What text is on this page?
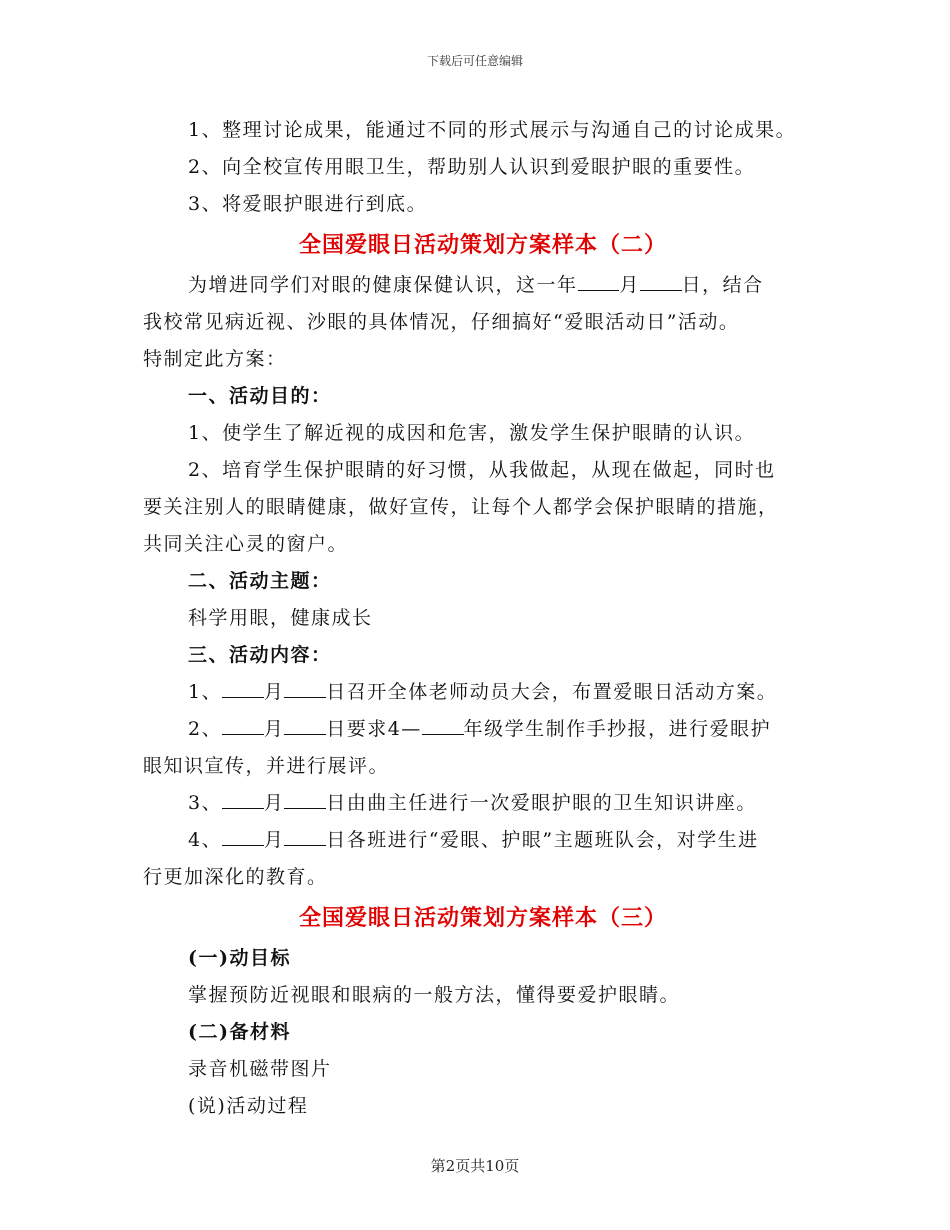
下载后可任意编辑
1、整理讨论成果，能通过不同的形式展示与沟通自己的讨论成果。
2、向全校宣传用眼卫生，帮助别人认识到爱眼护眼的重要性。
3、将爱眼护眼进行到底。
全国爱眼日活动策划方案样本（二）
为增进同学们对眼的健康保健认识，这一年 月 日，结合
我校常见病近视、沙眼的具体情况，仔细搞好“爱眼活动日”活动。
特制定此方案：
一、活动目的：
1、使学生了解近视的成因和危害，激发学生保护眼睛的认识。
2、培育学生保护眼睛的好习惯，从我做起，从现在做起，同时也
要关注别人的眼睛健康，做好宣传，让每个人都学会保护眼睛的措施，
共同关注心灵的窗户。
二、活动主题：
科学用眼，健康成长
三、活动内容：
1、 月 日召开全体老师动员大会，布置爱眼日活动方案。
2、 月 日要求4— 年级学生制作手抄报，进行爱眼护
眼知识宣传，并进行展评。
3、 月 日由曲主任进行一次爱眼护眼的卫生知识讲座。
4、 月 日各班进行“爱眼、护眼”主题班队会，对学生进
行更加深化的教育。
全国爱眼日活动策划方案样本（三）
(一)动目标
掌握预防近视眼和眼病的一般方法，懂得要爱护眼睛。
(二)备材料
录音机磁带图片
(说)活动过程
第2页共10页
